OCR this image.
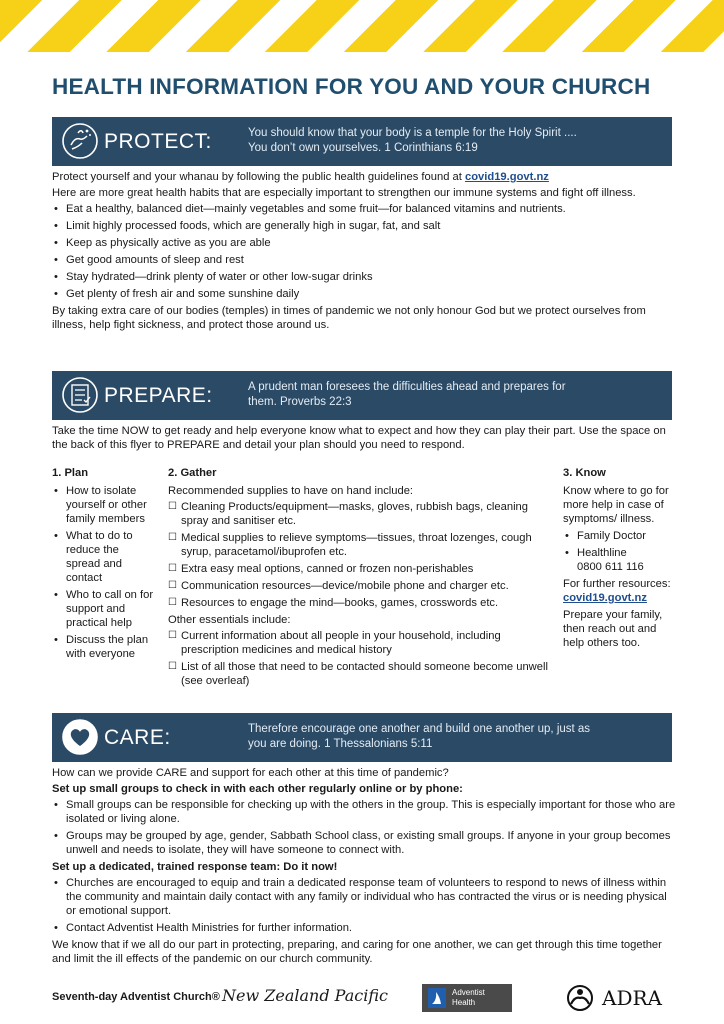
HEALTH INFORMATION FOR YOU AND YOUR CHURCH
PROTECT:	You should know that your body is a temple for the Holy Spirit ....
You don’t own yourselves. 1 Corinthians 6:19

Protect yourself and your whanau by following the public health guidelines found at covid19.govt.nz

Here are more great health habits that are especially important to strengthen our immune systems and fight off illness.

• Eat a healthy, balanced diet—mainly vegetables and some fruit—for balanced vitamins and nutrients.
• Limit highly processed foods, which are generally high in sugar, fat, and salt
• Keep as physically active as you are able
• Get good amounts of sleep and rest
• Stay hydrated—drink plenty of water or other low-sugar drinks
• Get plenty of fresh air and some sunshine daily

By taking extra care of our bodies (temples) in times of pandemic we not only honour God but we protect ourselves from illness, help fight sickness, and protect those around us.

PREPARE:	A prudent man foresees the difficulties ahead and prepares for
them. Proverbs 22:3
Take the time NOW to get ready and help everyone know what to expect and how they can play their part. Use the space on the back of this flyer to PREPARE and detail your plan should you need to respond.
1. Plan
• How to isolate yourself or other family members
• What to do to reduce the spread and contact
• Who to call on for support and practical help
• Discuss the plan with everyone
2. Gather
Recommended supplies to have on hand include:
☐ Cleaning Products/equipment—masks, gloves, rubbish bags, cleaning spray and sanitiser etc.
☐ Medical supplies to relieve symptoms—tissues, throat lozenges, cough syrup, paracetamol/ibuprofen etc.
☐ Extra easy meal options, canned or frozen non-perishables
☐ Communication resources—device/mobile phone and charger etc.
☐ Resources to engage the mind—books, games, crosswords etc.
Other essentials include:
☐ Current information about all people in your household, including prescription medicines and medical history
☐ List of all those that need to be contacted should someone become unwell (see overleaf)
3. Know
Know where to go for more help in case of symptoms/ illness.
• Family Doctor
• Healthline
0800 611 116
For further resources:
covid19.govt.nz
Prepare your family, then reach out and help others too.
CARE:	Therefore encourage one another and build one another up, just as
you are doing. 1 Thessalonians 5:11

How can we provide CARE and support for each other at this time of pandemic?

Set up small groups to check in with each other regularly online or by phone:

• Small groups can be responsible for checking up with the others in the group. This is especially important for those who are isolated or living alone.
• Groups may be grouped by age, gender, Sabbath School class, or existing small groups. If anyone in your group becomes unwell and needs to isolate, they will have someone to connect with.

Set up a dedicated, trained response team: Do it now!

• Churches are encouraged to equip and train a dedicated response team of volunteers to respond to news of illness within the community and maintain daily contact with any family or individual who has contracted the virus or is needing physical or emotional support.
• Contact Adventist Health Ministries for further information.

We know that if we all do our part in protecting, preparing, and caring for one another, we can get through this time together and limit the ill effects of the pandemic on our church community.

Seventh-day Adventist Church® New Zealand Pacific	Adventist
Health	ADRA
